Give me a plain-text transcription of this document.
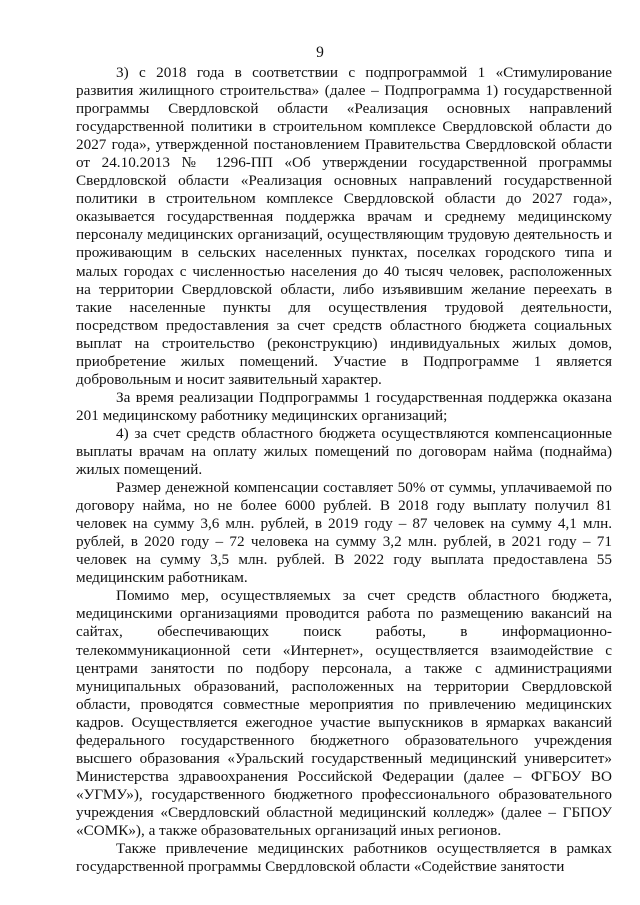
9

3) с 2018 года в соответствии с подпрограммой 1 «Стимулирование развития жилищного строительства» (далее – Подпрограмма 1) государственной программы Свердловской области «Реализация основных направлений государственной политики в строительном комплексе Свердловской области до 2027 года», утвержденной постановлением Правительства Свердловской области от 24.10.2013 № 1296-ПП «Об утверждении государственной программы Свердловской области «Реализация основных направлений государственной политики в строительном комплексе Свердловской области до 2027 года», оказывается государственная поддержка врачам и среднему медицинскому персоналу медицинских организаций, осуществляющим трудовую деятельность и проживающим в сельских населенных пунктах, поселках городского типа и малых городах с численностью населения до 40 тысяч человек, расположенных на территории Свердловской области, либо изъявившим желание переехать в такие населенные пункты для осуществления трудовой деятельности, посредством предоставления за счет средств областного бюджета социальных выплат на строительство (реконструкцию) индивидуальных жилых домов, приобретение жилых помещений. Участие в Подпрограмме 1 является добровольным и носит заявительный характер.

За время реализации Подпрограммы 1 государственная поддержка оказана 201 медицинскому работнику медицинских организаций;

4) за счет средств областного бюджета осуществляются компенсационные выплаты врачам на оплату жилых помещений по договорам найма (поднайма) жилых помещений.

Размер денежной компенсации составляет 50% от суммы, уплачиваемой по договору найма, но не более 6000 рублей. В 2018 году выплату получил 81 человек на сумму 3,6 млн. рублей, в 2019 году – 87 человек на сумму 4,1 млн. рублей, в 2020 году – 72 человека на сумму 3,2 млн. рублей, в 2021 году – 71 человек на сумму 3,5 млн. рублей. В 2022 году выплата предоставлена 55 медицинским работникам.

Помимо мер, осуществляемых за счет средств областного бюджета, медицинскими организациями проводится работа по размещению вакансий на сайтах, обеспечивающих поиск работы, в информационно-телекоммуникационной сети «Интернет», осуществляется взаимодействие с центрами занятости по подбору персонала, а также с администрациями муниципальных образований, расположенных на территории Свердловской области, проводятся совместные мероприятия по привлечению медицинских кадров. Осуществляется ежегодное участие выпускников в ярмарках вакансий федерального государственного бюджетного образовательного учреждения высшего образования «Уральский государственный медицинский университет» Министерства здравоохранения Российской Федерации (далее – ФГБОУ ВО «УГМУ»), государственного бюджетного профессионального образовательного учреждения «Свердловский областной медицинский колледж» (далее – ГБПОУ «СОМК»), а также образовательных организаций иных регионов.

Также привлечение медицинских работников осуществляется в рамках государственной программы Свердловской области «Содействие занятости
